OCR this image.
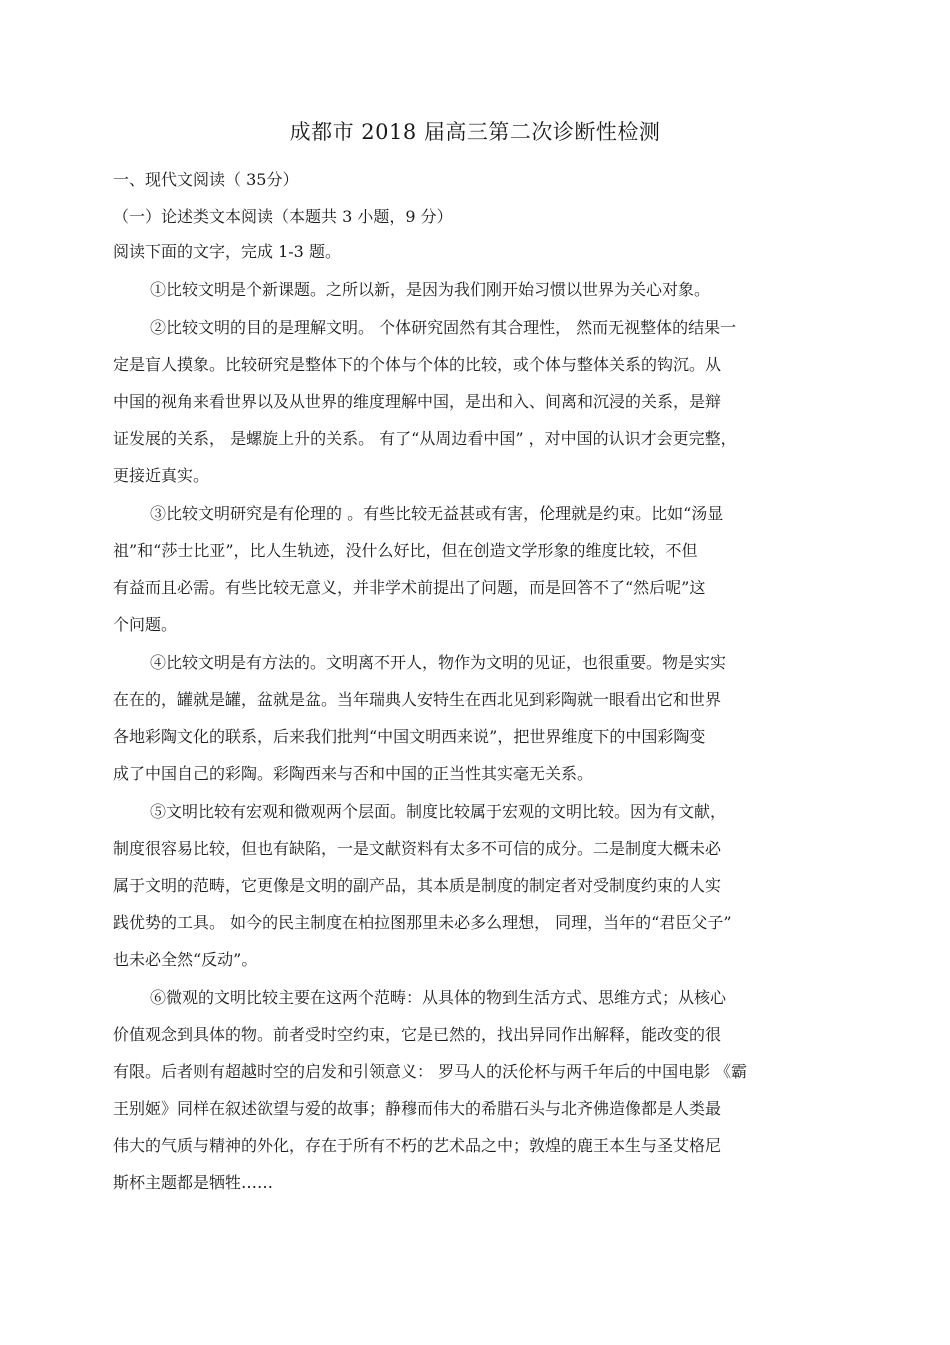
成都市 2018 届高三第二次诊断性检测
一、现代文阅读（ 35分）
（一）论述类文本阅读（本题共 3 小题，9 分）
阅读下面的文字，完成 1-3 题。
①比较文明是个新课题。之所以新，是因为我们刚开始习惯以世界为关心对象。
②比较文明的目的是理解文明。 个体研究固然有其合理性， 然而无视整体的结果一
定是盲人摸象。比较研究是整体下的个体与个体的比较，或个体与整体关系的钩沉。从
中国的视角来看世界以及从世界的维度理解中国，是出和入、间离和沉浸的关系，是辩
证发展的关系， 是螺旋上升的关系。 有了“从周边看中国” ，对中国的认识才会更完整，
更接近真实。
③比较文明研究是有伦理的 。有些比较无益甚或有害，伦理就是约束。比如“汤显
祖”和“莎士比亚”，比人生轨迹，没什么好比，但在创造文学形象的维度比较，不但
有益而且必需。有些比较无意义，并非学术前提出了问题，而是回答不了“然后呢”这
个问题。
④比较文明是有方法的。文明离不开人，物作为文明的见证，也很重要。物是实实
在在的，罐就是罐，盆就是盆。当年瑞典人安特生在西北见到彩陶就一眼看出它和世界
各地彩陶文化的联系，后来我们批判“中国文明西来说”，把世界维度下的中国彩陶变
成了中国自己的彩陶。彩陶西来与否和中国的正当性其实毫无关系。
⑤文明比较有宏观和微观两个层面。制度比较属于宏观的文明比较。因为有文献，
制度很容易比较，但也有缺陷，一是文献资料有太多不可信的成分。二是制度大概未必
属于文明的范畴，它更像是文明的副产品，其本质是制度的制定者对受制度约束的人实
践优势的工具。 如今的民主制度在柏拉图那里未必多么理想， 同理，当年的“君臣父子”
也未必全然“反动”。
⑥微观的文明比较主要在这两个范畴：从具体的物到生活方式、思维方式；从核心
价值观念到具体的物。前者受时空约束，它是已然的，找出异同作出解释，能改变的很
有限。后者则有超越时空的启发和引领意义： 罗马人的沃伦杯与两千年后的中国电影 《霸
王别姬》同样在叙述欲望与爱的故事；静穆而伟大的希腊石头与北齐佛造像都是人类最
伟大的气质与精神的外化，存在于所有不朽的艺术品之中；敦煌的鹿王本生与圣艾格尼
斯杯主题都是牺牲……
